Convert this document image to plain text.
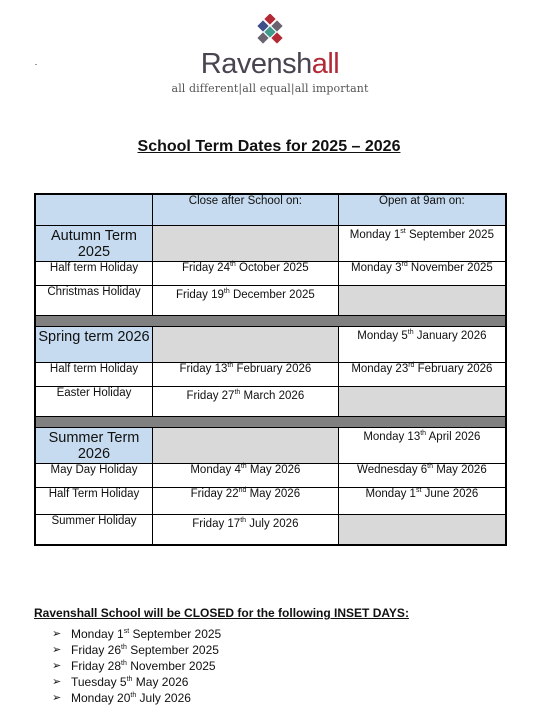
Ravenshall
all different|all equal|all important
School Term Dates for 2025 – 2026
	Close after School on:	Open at 9am on:
Autumn Term 2025		Monday 1st September 2025
Half term Holiday	Friday 24th October 2025	Monday 3rd November 2025
Christmas Holiday	Friday 19th December 2025	

Spring term 2026		Monday 5th January 2026
Half term Holiday	Friday 13th February 2026	Monday 23rd February 2026
Easter Holiday	Friday 27th March 2026	

Summer Term 2026		Monday 13th April 2026
May Day Holiday	Monday 4th May 2026	Wednesday 6th May 2026
Half Term Holiday	Friday 22nd May 2026	Monday 1st June 2026
Summer Holiday	Friday 17th July 2026	
Ravenshall School will be CLOSED for the following INSET DAYS:
➢ Monday 1st September 2025
➢ Friday 26th September 2025
➢ Friday 28th November 2025
➢ Tuesday 5th May 2026
➢ Monday 20th July 2026
